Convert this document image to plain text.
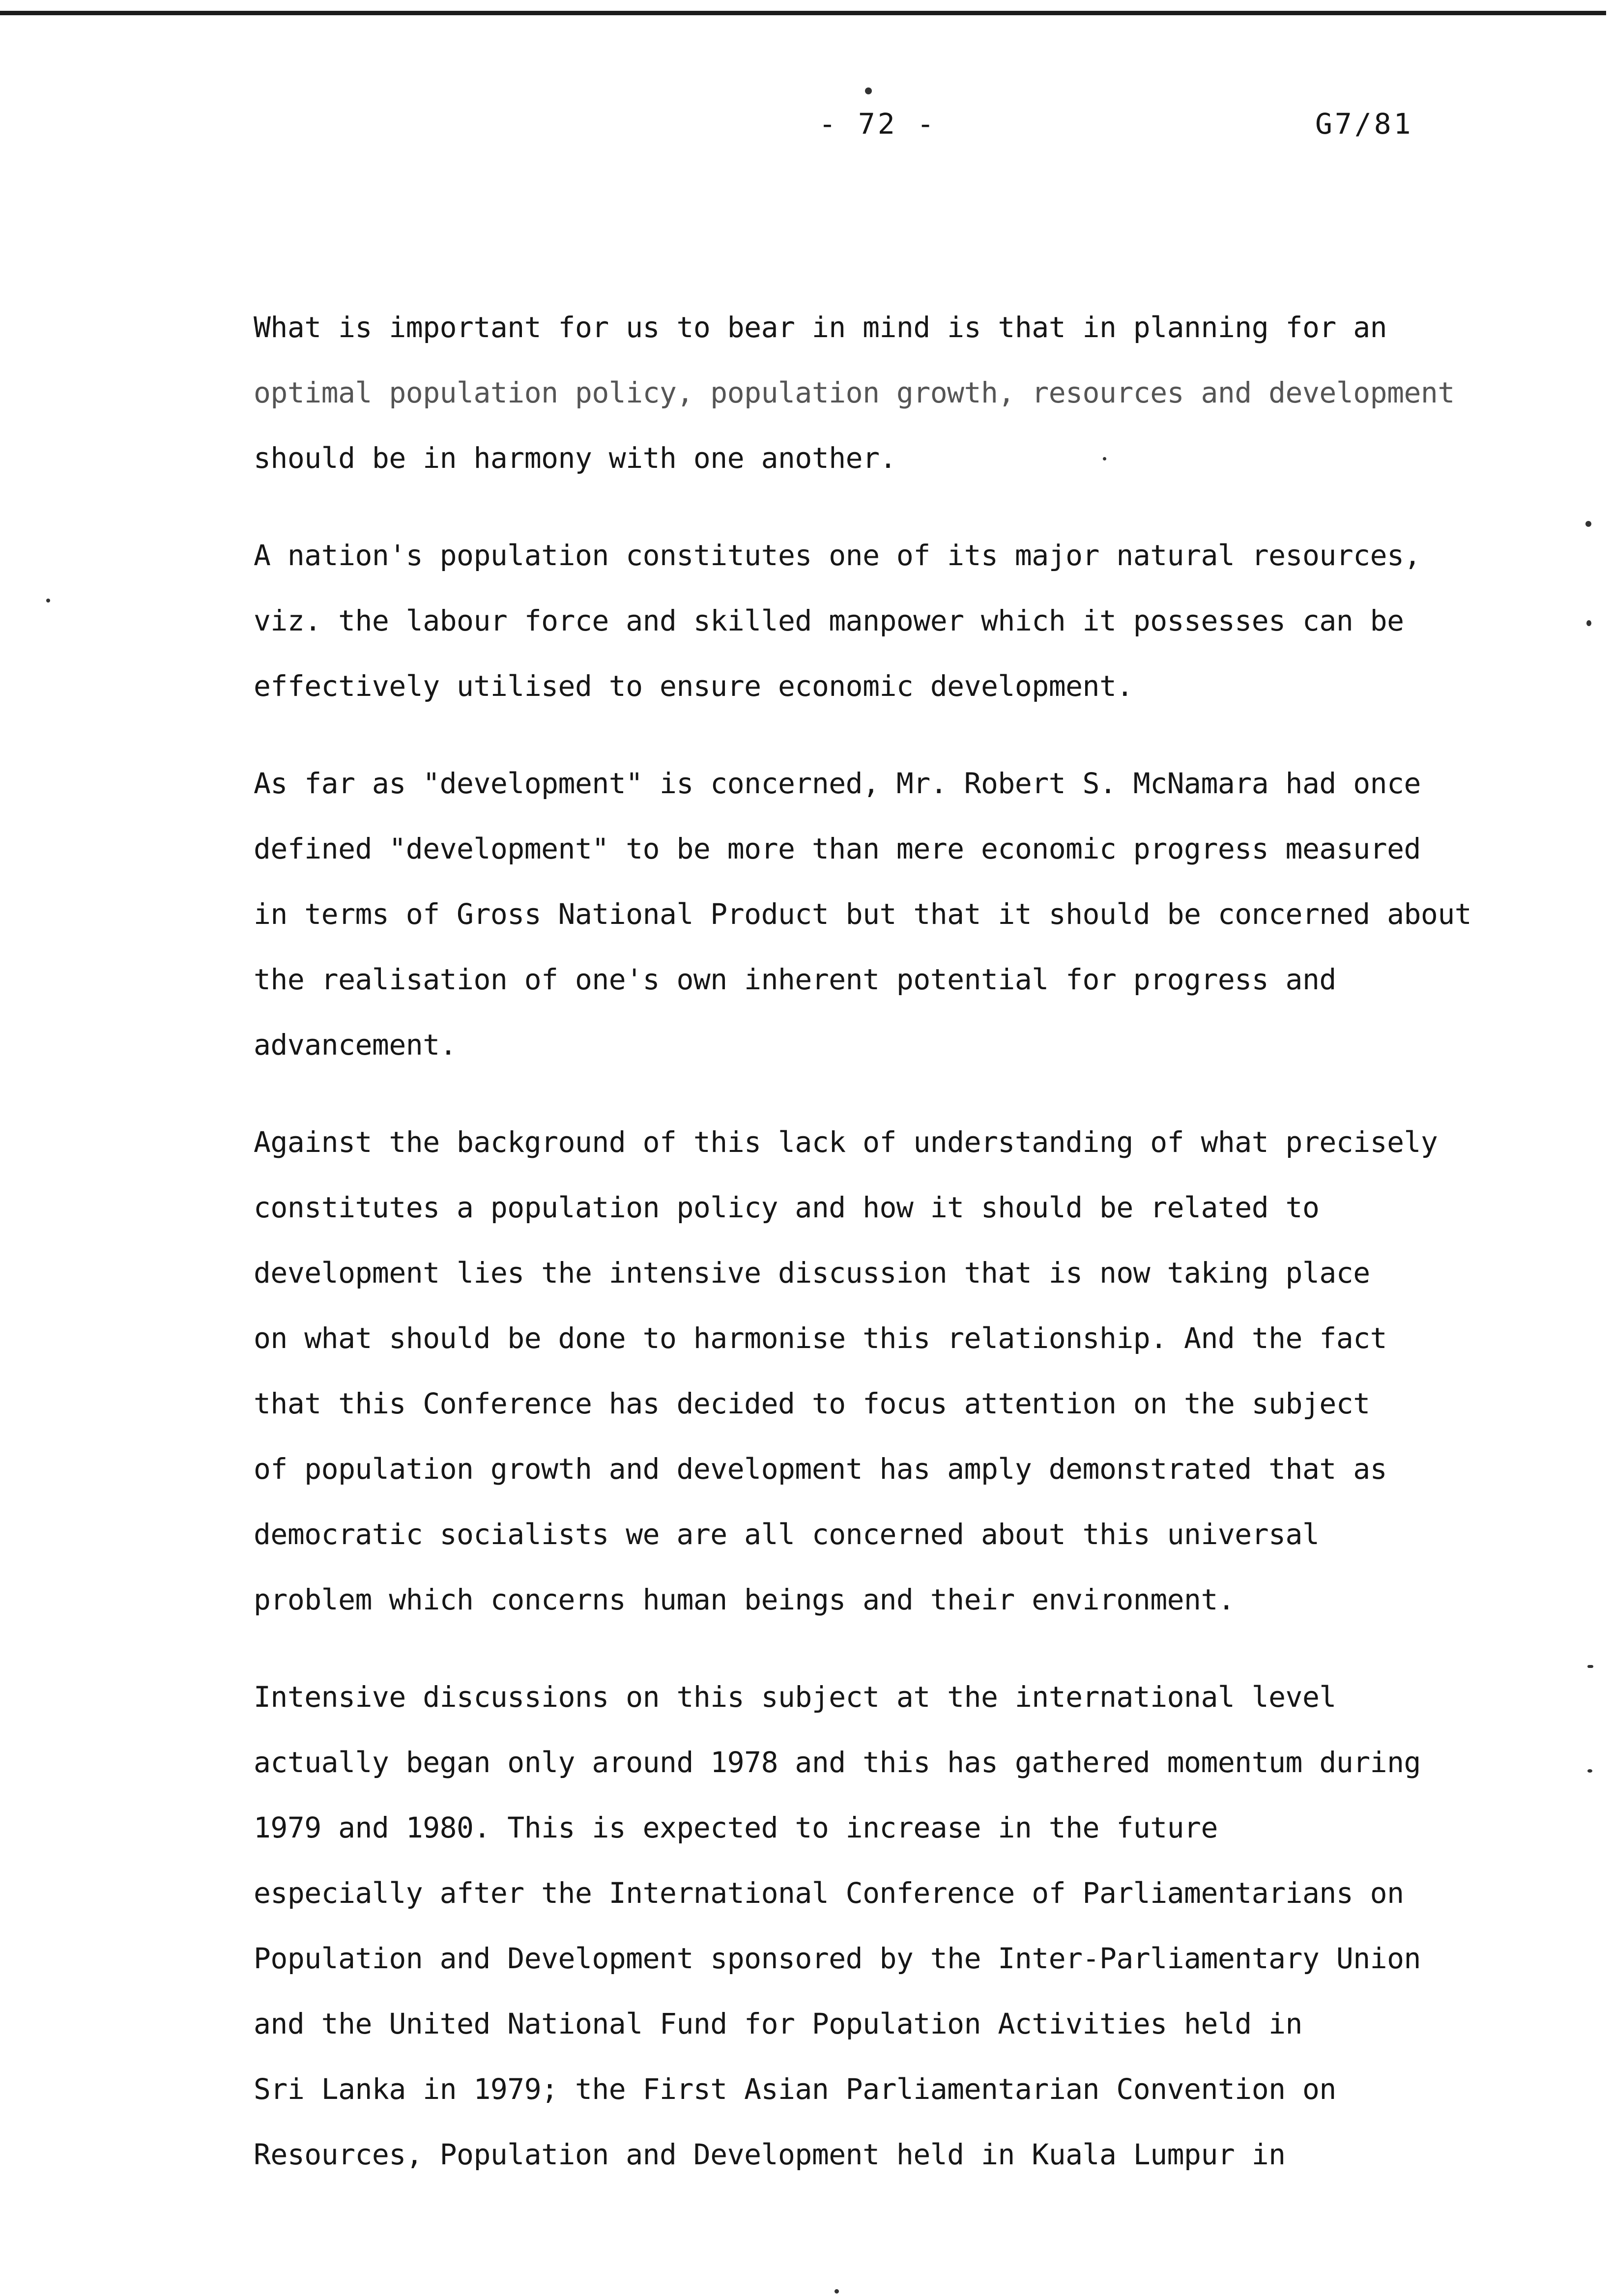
- 72 -	G7/81
What is important for us to bear in mind is that in planning for an
optimal population policy, population growth, resources and development
should be in harmony with one another.
A nation's population constitutes one of its major natural resources,
viz. the labour force and skilled manpower which it possesses can be
effectively utilised to ensure economic development.
As far as "development" is concerned, Mr. Robert S. McNamara had once
defined "development" to be more than mere economic progress measured
in terms of Gross National Product but that it should be concerned about
the realisation of one's own inherent potential for progress and
advancement.
Against the background of this lack of understanding of what precisely
constitutes a population policy and how it should be related to
development lies the intensive discussion that is now taking place
on what should be done to harmonise this relationship. And the fact
that this Conference has decided to focus attention on the subject
of population growth and development has amply demonstrated that as
democratic socialists we are all concerned about this universal
problem which concerns human beings and their environment.
Intensive discussions on this subject at the international level
actually began only around 1978 and this has gathered momentum during
1979 and 1980. This is expected to increase in the future
especially after the International Conference of Parliamentarians on
Population and Development sponsored by the Inter-Parliamentary Union
and the United National Fund for Population Activities held in
Sri Lanka in 1979; the First Asian Parliamentarian Convention on
Resources, Population and Development held in Kuala Lumpur in
